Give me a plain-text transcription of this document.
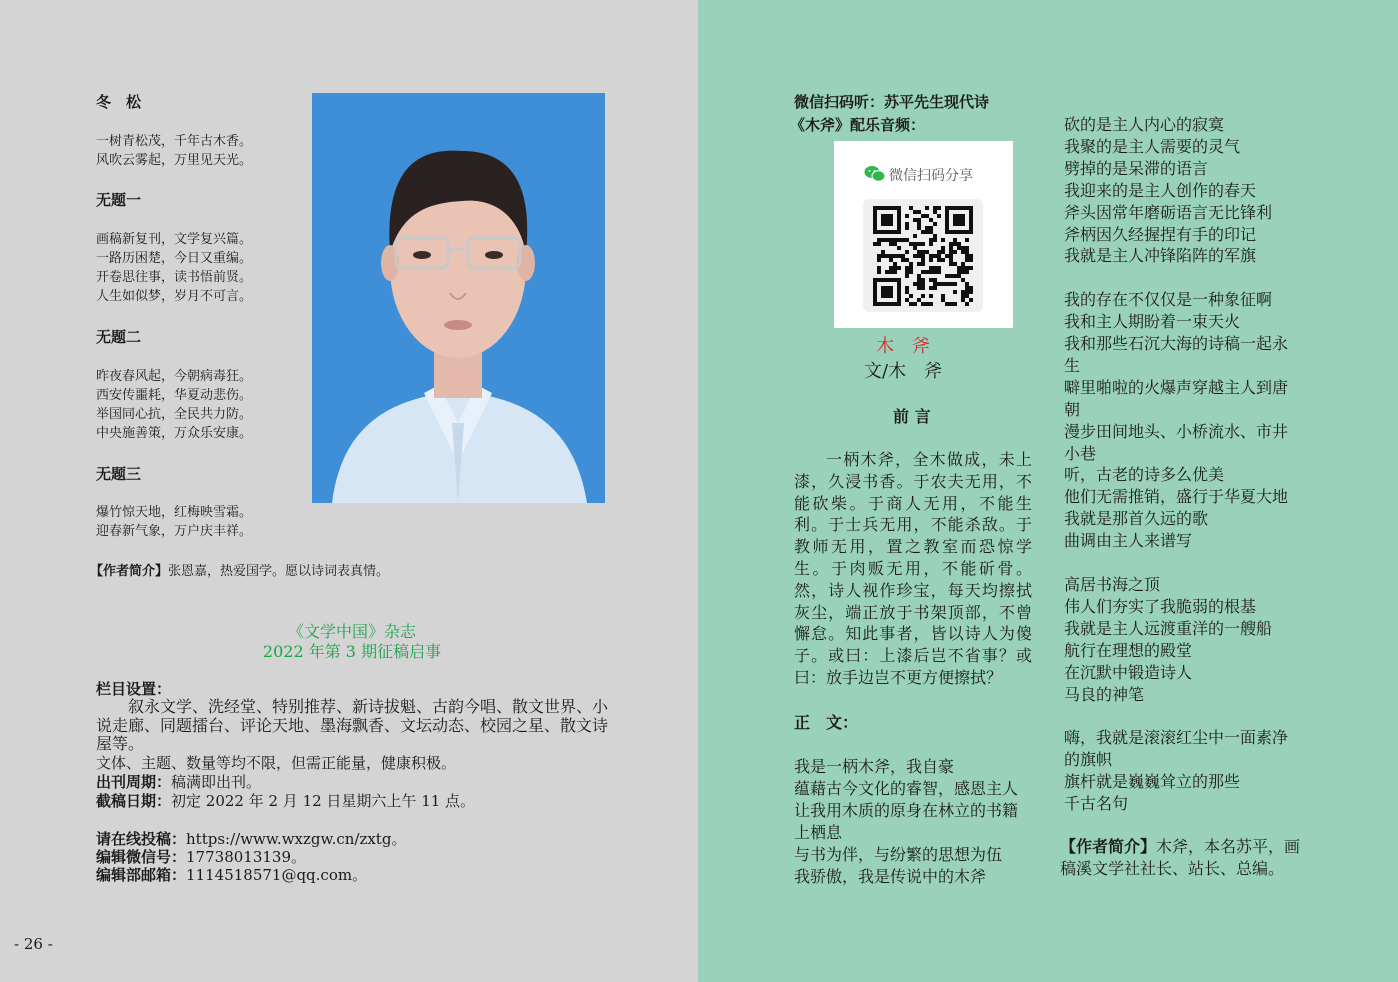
冬　松

一树青松茂，千年古木香。

风吹云雾起，万里见天光。

无题一

画稿新复刊，文学复兴篇。

一路历困楚，今日又重编。

开卷思往事，读书悟前贤。

人生如似梦，岁月不可言。

无题二

昨夜春风起，今朝病毒狂。

西安传噩耗，华夏动悲伤。

举国同心抗，全民共力防。

中央施善策，万众乐安康。

无题三

爆竹惊天地，红梅映雪霜。

迎春新气象，万户庆丰祥。

【作者简介】张恩嘉，热爱国学。愿以诗词表真情。

《文学中国》杂志

2022 年第 3 期征稿启事

栏目设置：

叙永文学、洗经堂、特别推荐、新诗拔魁、古韵今唱、散文世界、小说走廊、同题擂台、评论天地、墨海飘香、文坛动态、校园之星、散文诗屋等。

文体、主题、数量等均不限，但需正能量，健康积极。

出刊周期：稿满即出刊。

截稿日期：初定 2022 年 2 月 12 日星期六上午 11 点。

请在线投稿：https://www.wxzgw.cn/zxtg。

编辑微信号：17738013139。

编辑部邮箱：1114518571@qq.com。

- 26 -

微信扫码听：苏平先生现代诗

《木斧》配乐音频：

微信扫码分享

木　斧

文/木　斧

前 言

一柄木斧，全木做成，未上漆，久浸书香。于农夫无用，不能砍柴。于商人无用，不能生利。于士兵无用，不能杀敌。于教师无用，置之教室而恐惊学生。于肉贩无用，不能斫骨。然，诗人视作珍宝，每天均擦拭灰尘，端正放于书架顶部，不曾懈怠。知此事者，皆以诗人为傻子。或曰：上漆后岂不省事？或曰：放手边岂不更方便擦拭？

正　文：

我是一柄木斧，我自豪

蕴藉古今文化的睿智，感恩主人

让我用木质的原身在林立的书籍

上栖息

与书为伴，与纷繁的思想为伍

我骄傲，我是传说中的木斧

砍的是主人内心的寂寞
我聚的是主人需要的灵气
劈掉的是呆滞的语言
我迎来的是主人创作的春天
斧头因常年磨砺语言无比锋利
斧柄因久经握捏有手的印记
我就是主人冲锋陷阵的军旗
我的存在不仅仅是一种象征啊
我和主人期盼着一束天火
我和那些石沉大海的诗稿一起永
生
噼里啪啦的火爆声穿越主人到唐
朝
漫步田间地头、小桥流水、市井
小巷
听，古老的诗多么优美
他们无需推销，盛行于华夏大地
我就是那首久远的歌
曲调由主人来谱写
高居书海之顶
伟人们夯实了我脆弱的根基
我就是主人远渡重洋的一艘船
航行在理想的殿堂
在沉默中锻造诗人
马良的神笔
嗨，我就是滚滚红尘中一面素净
的旗帜
旗杆就是巍巍耸立的那些
千古名句

【作者简介】木斧，本名苏平，画稿溪文学社社长、站长、总编。
